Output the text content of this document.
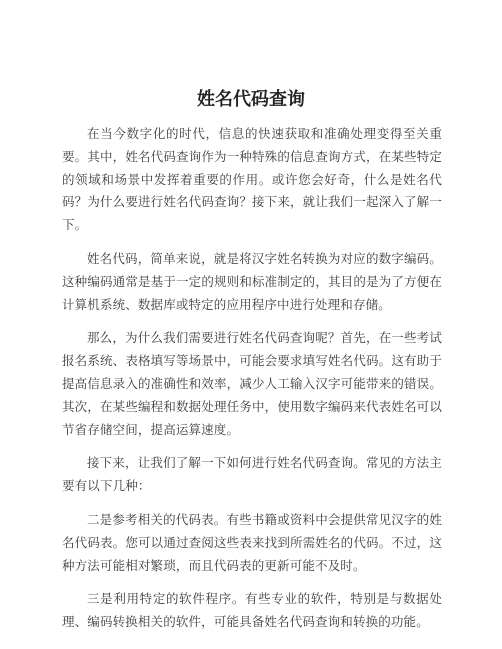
姓名代码查询

在当今数字化的时代，信息的快速获取和准确处理变得至关重要。其中，姓名代码查询作为一种特殊的信息查询方式，在某些特定的领域和场景中发挥着重要的作用。或许您会好奇，什么是姓名代码？为什么要进行姓名代码查询？接下来，就让我们一起深入了解一下。

姓名代码，简单来说，就是将汉字姓名转换为对应的数字编码。这种编码通常是基于一定的规则和标准制定的，其目的是为了方便在计算机系统、数据库或特定的应用程序中进行处理和存储。

那么，为什么我们需要进行姓名代码查询呢？首先，在一些考试报名系统、表格填写等场景中，可能会要求填写姓名代码。这有助于提高信息录入的准确性和效率，减少人工输入汉字可能带来的错误。其次，在某些编程和数据处理任务中，使用数字编码来代表姓名可以节省存储空间，提高运算速度。

接下来，让我们了解一下如何进行姓名代码查询。常见的方法主要有以下几种：

二是参考相关的代码表。有些书籍或资料中会提供常见汉字的姓名代码表。您可以通过查阅这些表来找到所需姓名的代码。不过，这种方法可能相对繁琐，而且代码表的更新可能不及时。

三是利用特定的软件程序。有些专业的软件，特别是与数据处理、编码转换相关的软件，可能具备姓名代码查询和转换的功能。
